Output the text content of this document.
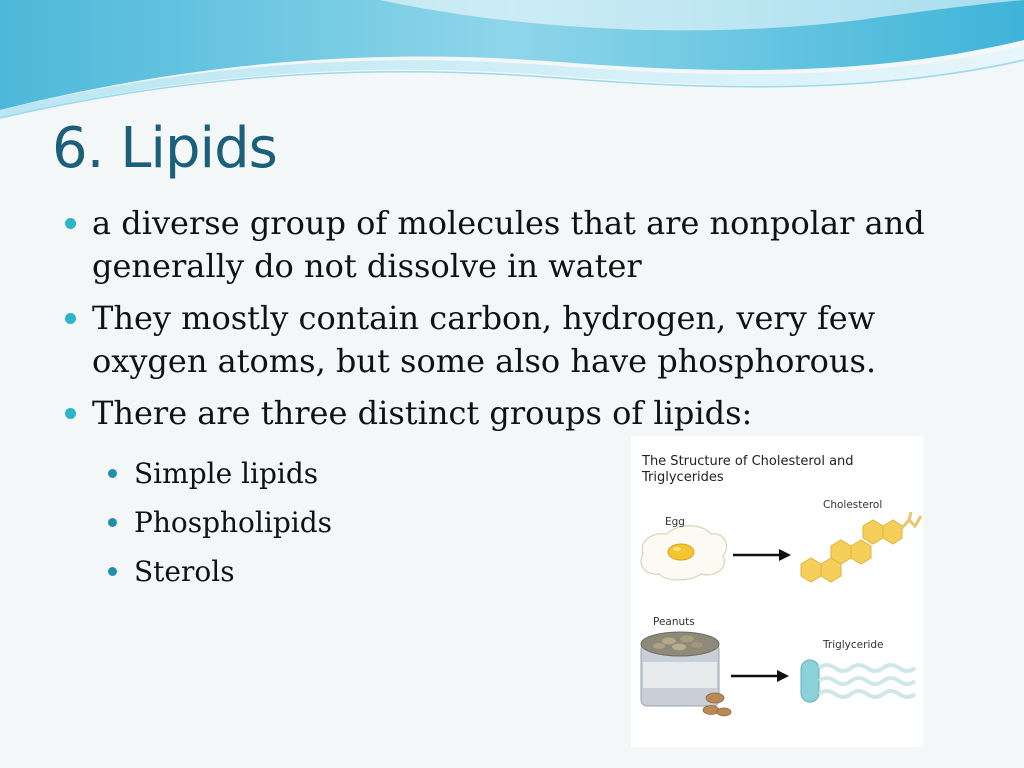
6. Lipids
a diverse group of molecules that are nonpolar and generally do not dissolve in water
They mostly contain carbon, hydrogen, very few oxygen atoms, but some also have phosphorous.
There are three distinct groups of lipids:
Simple lipids
Phospholipids
Sterols
The Structure of Cholesterol and Triglycerides
Egg
Cholesterol
Peanuts
Triglyceride
